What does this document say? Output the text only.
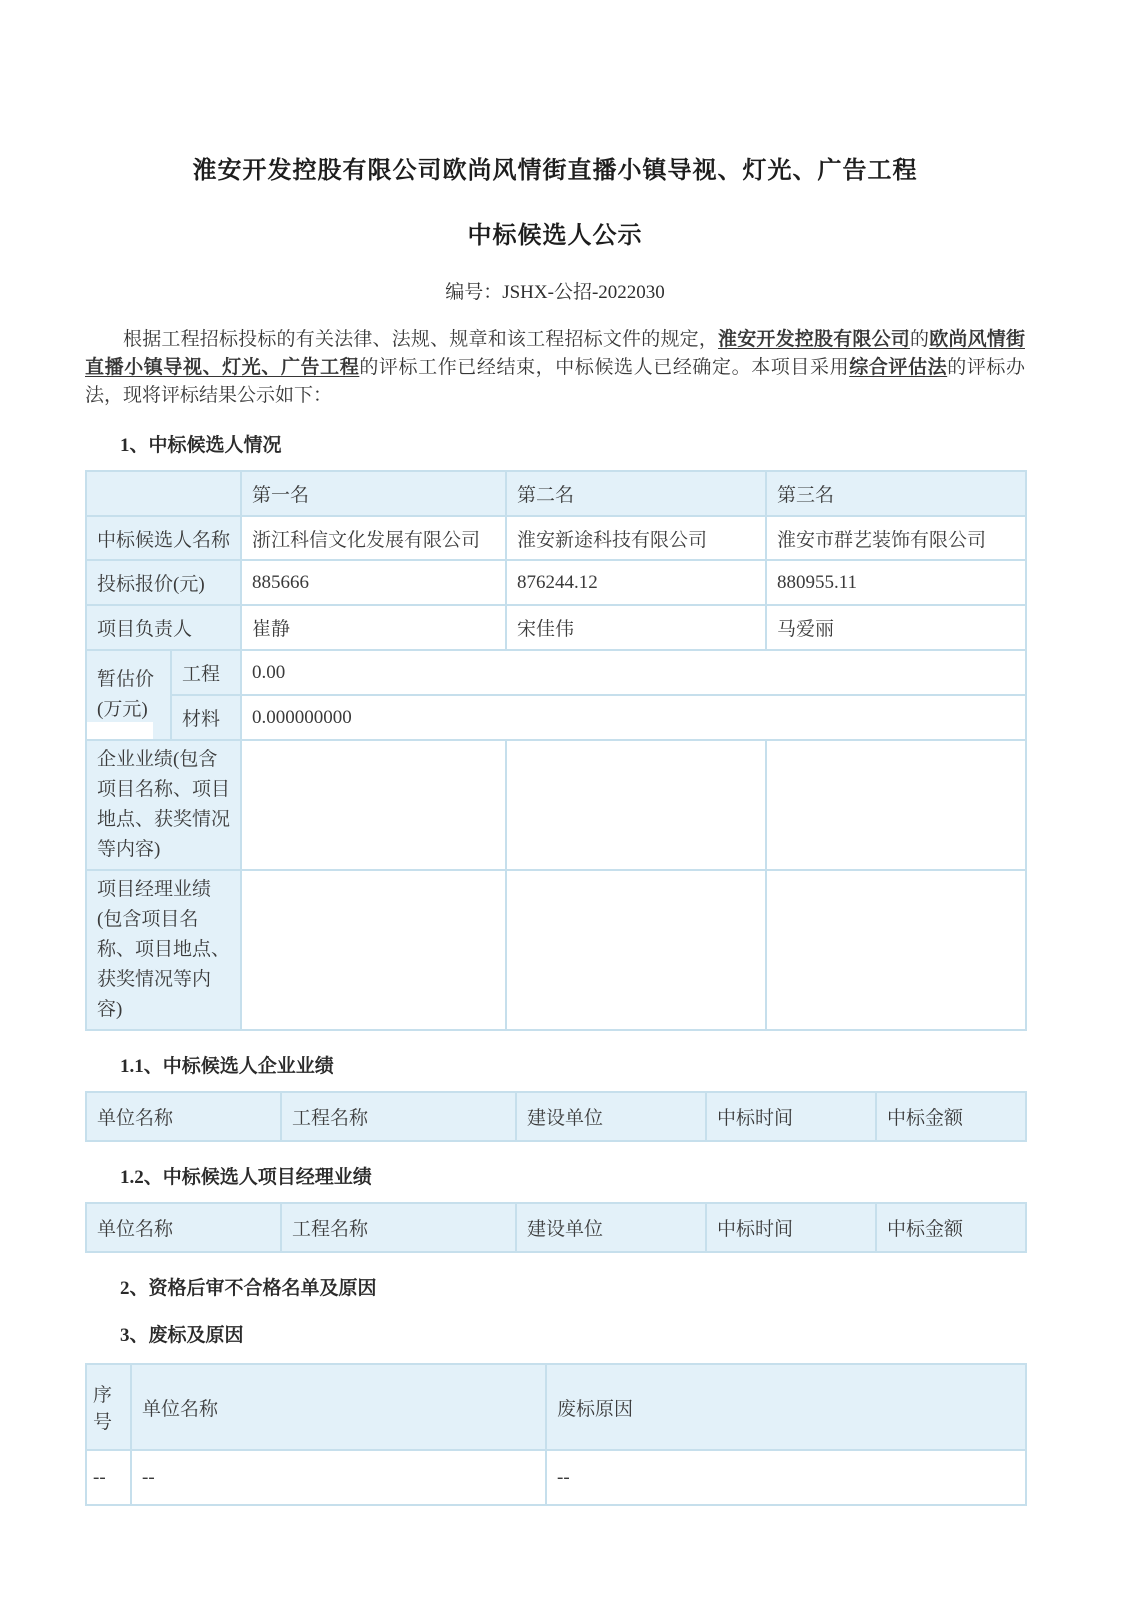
淮安开发控股有限公司欧尚风情街直播小镇导视、灯光、广告工程
中标候选人公示
编号：JSHX-公招-2022030

根据工程招标投标的有关法律、法规、规章和该工程招标文件的规定，淮安开发控股有限公司的欧尚风情街直播小镇导视、灯光、广告工程的评标工作已经结束，中标候选人已经确定。本项目采用综合评估法的评标办法，现将评标结果公示如下：

1、中标候选人情况
		第一名	第二名	第三名
中标候选人名称		浙江科信文化发展有限公司	淮安新途科技有限公司	淮安市群艺装饰有限公司
投标报价(元)		885666	876244.12	880955.11
项目负责人		崔静	宋佳伟	马爱丽
暂估价(万元)	工程	0.00		
	材料	0.000000000		
企业业绩(包含项目名称、项目地点、获奖情况等内容)				
项目经理业绩(包含项目名称、项目地点、获奖情况等内容)				
1.1、中标候选人企业业绩
单位名称	工程名称	建设单位	中标时间	中标金额
1.2、中标候选人项目经理业绩
单位名称	工程名称	建设单位	中标时间	中标金额
2、资格后审不合格名单及原因
3、废标及原因
序号	单位名称	废标原因
--	--	--
